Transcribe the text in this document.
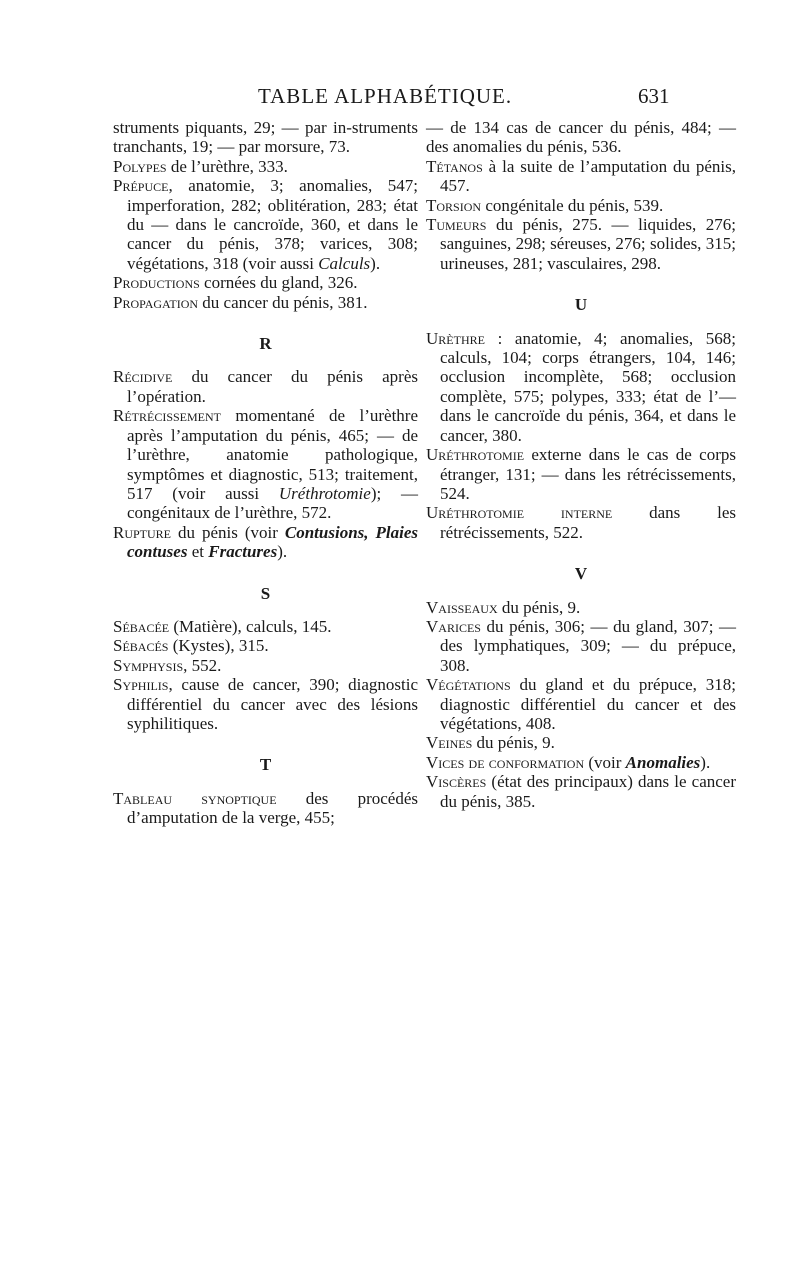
TABLE ALPHABÉTIQUE.	631

struments piquants, 29; — par in-struments tranchants, 19; — par morsure, 73.

Polypes de l’urèthre, 333.

Prépuce, anatomie, 3; anomalies, 547; imperforation, 282; oblitération, 283; état du — dans le cancroïde, 360, et dans le cancer du pénis, 378; varices, 308; végétations, 318 (voir aussi Calculs).

Productions cornées du gland, 326.

Propagation du cancer du pénis, 381.

R

Récidive du cancer du pénis après l’opération.

Rétrécissement momentané de l’urèthre après l’amputation du pénis, 465; — de l’urèthre, anatomie pathologique, symptômes et diagnostic, 513; traitement, 517 (voir aussi Uréthrotomie); — congénitaux de l’urèthre, 572.

Rupture du pénis (voir Contusions, Plaies contuses et Fractures).

S

Sébacée (Matière), calculs, 145.

Sébacés (Kystes), 315.

Symphysis, 552.

Syphilis, cause de cancer, 390; diagnostic différentiel du cancer avec des lésions syphilitiques.

T

Tableau synoptique des procédés d’amputation de la verge, 455;

— de 134 cas de cancer du pénis, 484; — des anomalies du pénis, 536.

Tétanos à la suite de l’amputation du pénis, 457.

Torsion congénitale du pénis, 539.

Tumeurs du pénis, 275. — liquides, 276; sanguines, 298; séreuses, 276; solides, 315; urineuses, 281; vasculaires, 298.

U

Urèthre : anatomie, 4; anomalies, 568; calculs, 104; corps étrangers, 104, 146; occlusion incomplète, 568; occlusion complète, 575; polypes, 333; état de l’— dans le cancroïde du pénis, 364, et dans le cancer, 380.

Uréthrotomie externe dans le cas de corps étranger, 131; — dans les rétrécissements, 524.

Uréthrotomie interne dans les rétrécissements, 522.

V

Vaisseaux du pénis, 9.

Varices du pénis, 306; — du gland, 307; — des lymphatiques, 309; — du prépuce, 308.

Végétations du gland et du prépuce, 318; diagnostic différentiel du cancer et des végétations, 408.

Veines du pénis, 9.

Vices de conformation (voir Anomalies).

Viscères (état des principaux) dans le cancer du pénis, 385.
